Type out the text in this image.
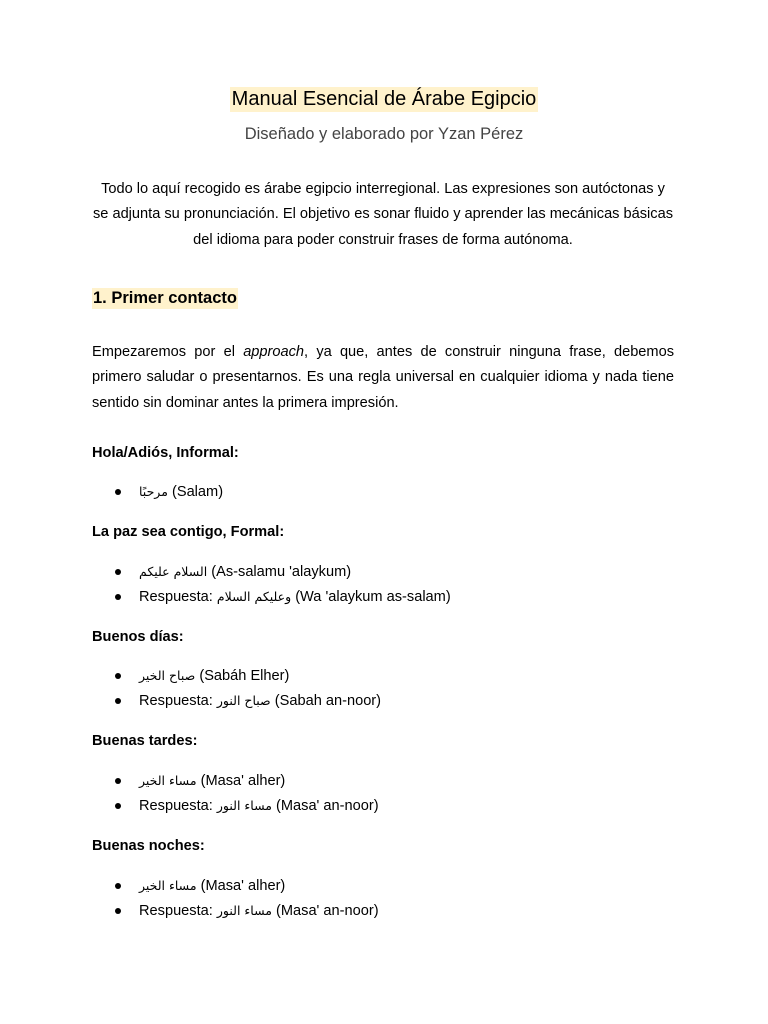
Manual Esencial de Árabe Egipcio
Diseñado y elaborado por Yzan Pérez
Todo lo aquí recogido es árabe egipcio interregional. Las expresiones son autóctonas y se adjunta su pronunciación. El objetivo es sonar fluido y aprender las mecánicas básicas del idioma para poder construir frases de forma autónoma.
1. Primer contacto
Empezaremos por el approach, ya que, antes de construir ninguna frase, debemos primero saludar o presentarnos. Es una regla universal en cualquier idioma y nada tiene sentido sin dominar antes la primera impresión.
Hola/Adiós, Informal:
مرحبًا (Salam)
La paz sea contigo, Formal:
السلام عليكم (As-salamu 'alaykum)
Respuesta: وعليكم السلام (Wa 'alaykum as-salam)
Buenos días:
صباح الخير (Sabáh Elher)
Respuesta: صباح النور (Sabah an-noor)
Buenas tardes:
مساء الخير (Masa' alher)
Respuesta: مساء النور (Masa' an-noor)
Buenas noches:
مساء الخير (Masa' alher)
Respuesta: مساء النور (Masa' an-noor)
